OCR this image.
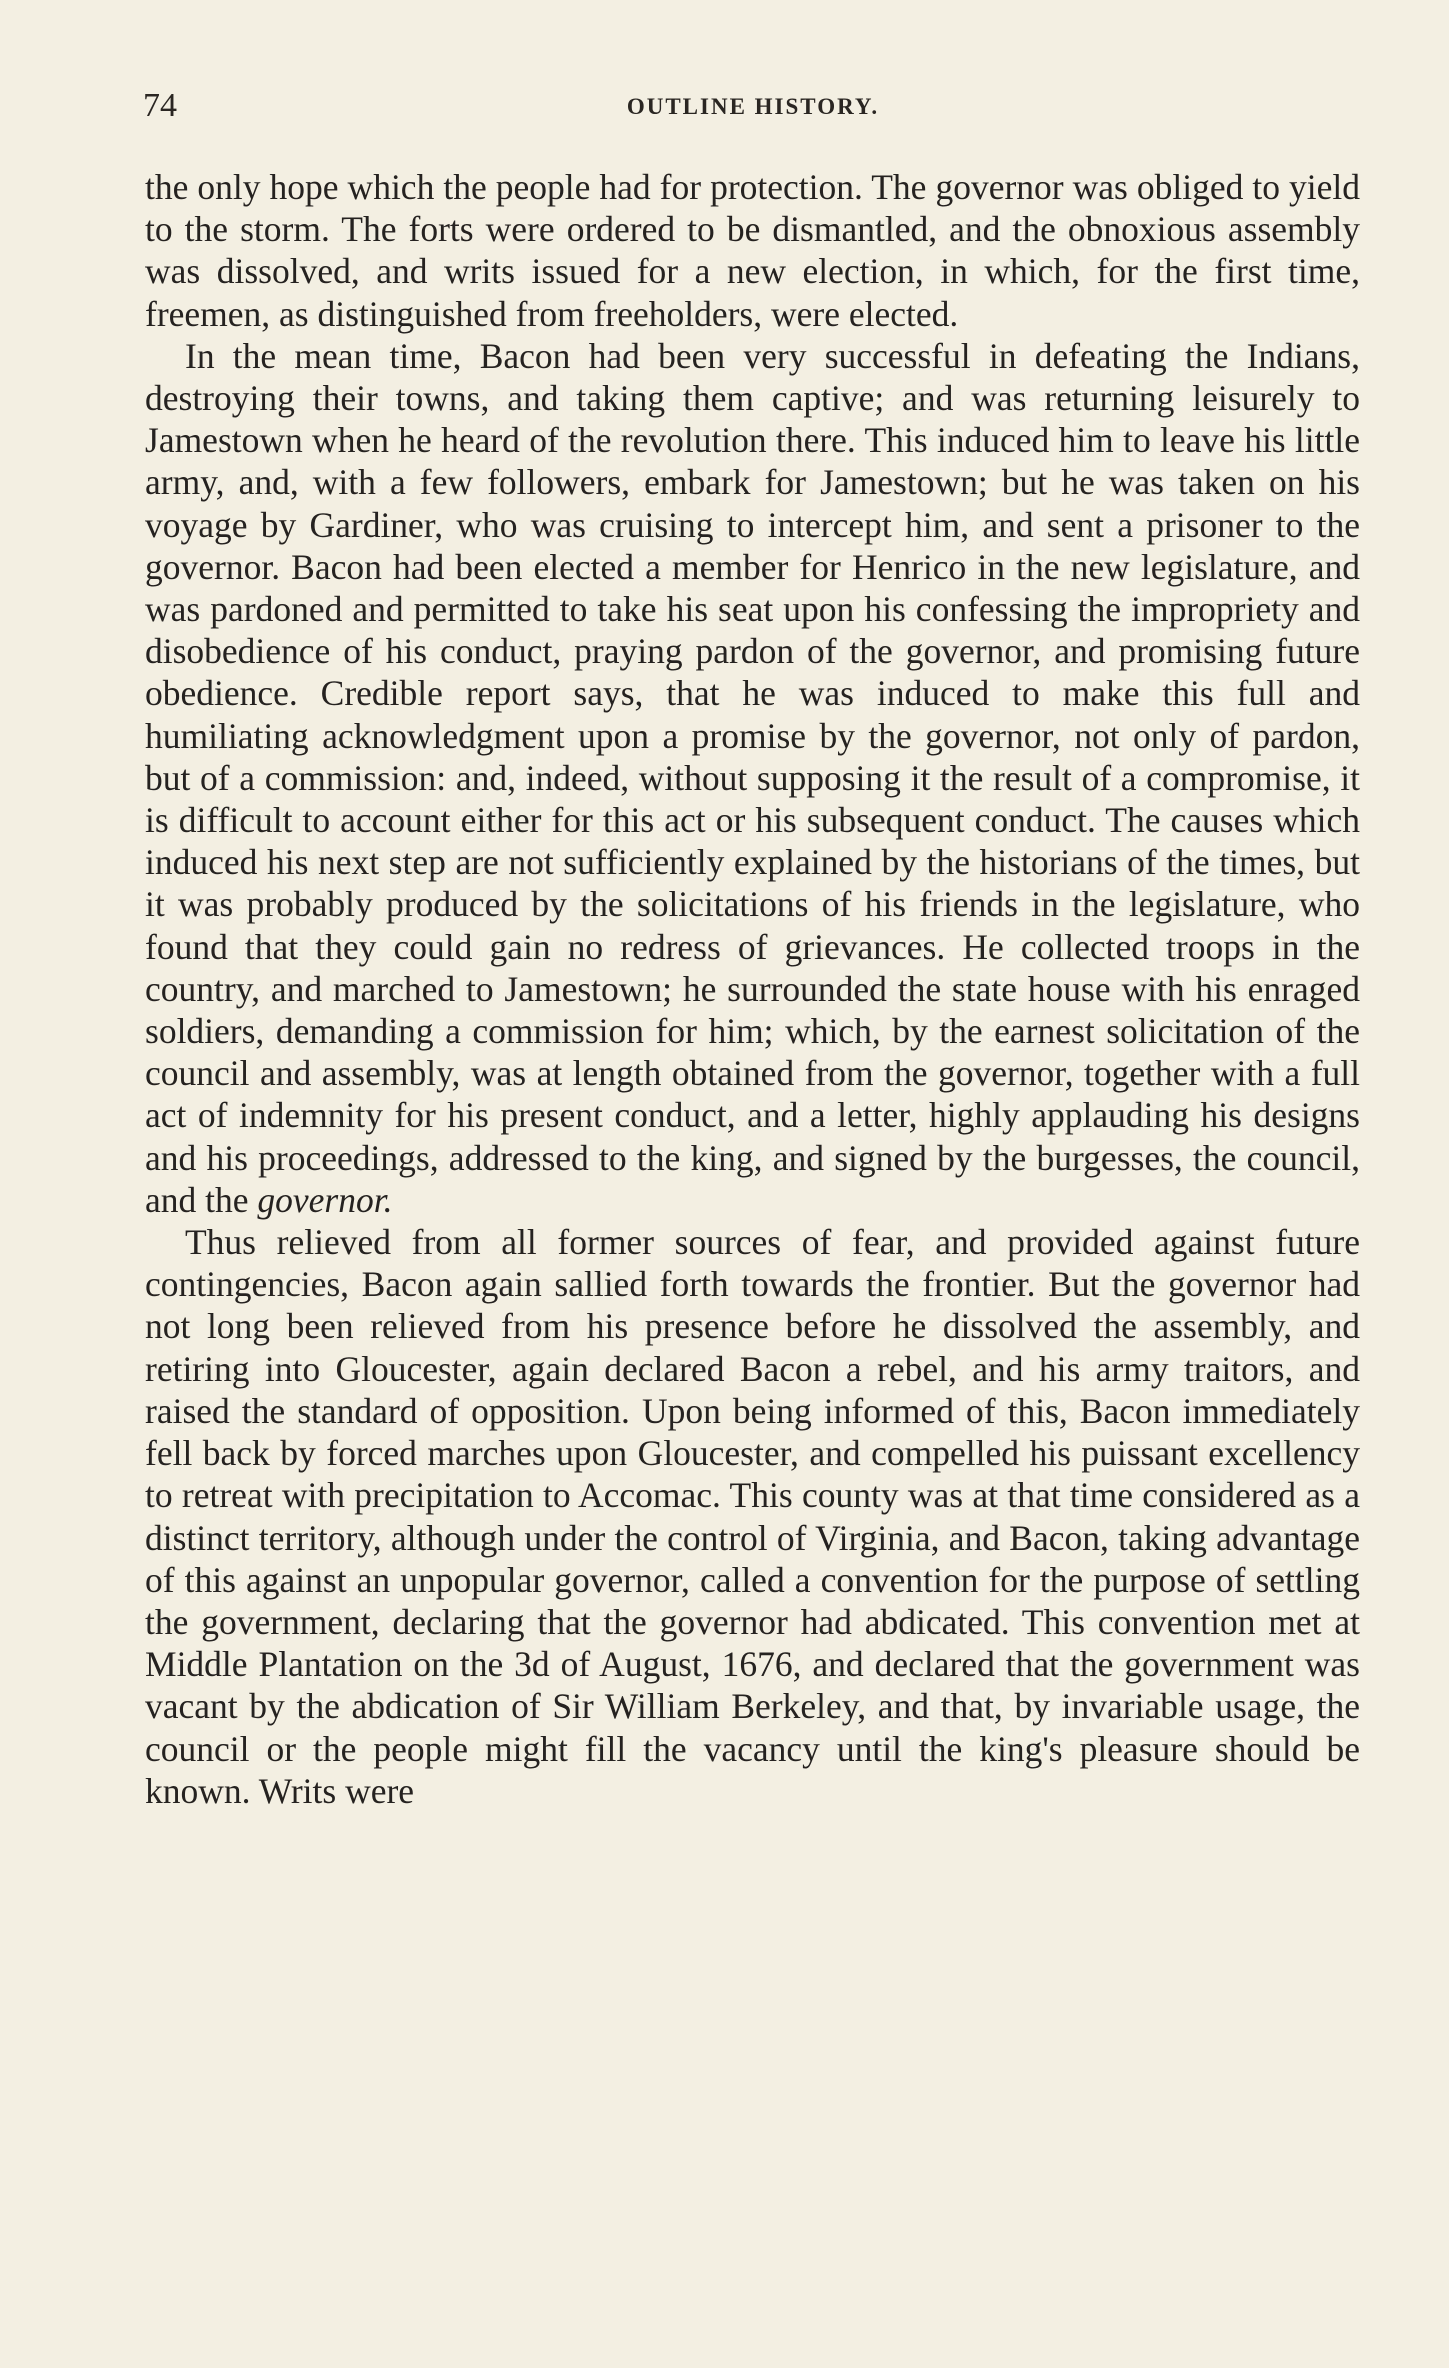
74	OUTLINE HISTORY.

the only hope which the people had for protection. The governor was obliged to yield to the storm. The forts were ordered to be dismantled, and the obnoxious assembly was dissolved, and writs issued for a new election, in which, for the first time, freemen, as distinguished from freeholders, were elected.

In the mean time, Bacon had been very successful in defeating the Indians, destroying their towns, and taking them captive; and was returning leisurely to Jamestown when he heard of the revolution there. This induced him to leave his little army, and, with a few followers, embark for Jamestown; but he was taken on his voyage by Gardiner, who was cruising to intercept him, and sent a prisoner to the governor. Bacon had been elected a member for Henrico in the new legislature, and was pardoned and permitted to take his seat upon his confessing the impropriety and disobedience of his conduct, praying pardon of the governor, and promising future obedience. Credible report says, that he was induced to make this full and humiliating acknowledgment upon a promise by the governor, not only of pardon, but of a commission: and, indeed, without supposing it the result of a compromise, it is difficult to account either for this act or his subsequent conduct. The causes which induced his next step are not sufficiently explained by the historians of the times, but it was probably produced by the solicitations of his friends in the legislature, who found that they could gain no redress of grievances. He collected troops in the country, and marched to Jamestown; he surrounded the state house with his enraged soldiers, demanding a commission for him; which, by the earnest solicitation of the council and assembly, was at length obtained from the governor, together with a full act of indemnity for his present conduct, and a letter, highly applauding his designs and his proceedings, addressed to the king, and signed by the burgesses, the council, and the governor.

Thus relieved from all former sources of fear, and provided against future contingencies, Bacon again sallied forth towards the frontier. But the governor had not long been relieved from his presence before he dissolved the assembly, and retiring into Gloucester, again declared Bacon a rebel, and his army traitors, and raised the standard of opposition. Upon being informed of this, Bacon immediately fell back by forced marches upon Gloucester, and compelled his puissant excellency to retreat with precipitation to Accomac. This county was at that time considered as a distinct territory, although under the control of Virginia, and Bacon, taking advantage of this against an unpopular governor, called a convention for the purpose of settling the government, declaring that the governor had abdicated. This convention met at Middle Plantation on the 3d of August, 1676, and declared that the government was vacant by the abdication of Sir William Berkeley, and that, by invariable usage, the council or the people might fill the vacancy until the king's pleasure should be known. Writs were
